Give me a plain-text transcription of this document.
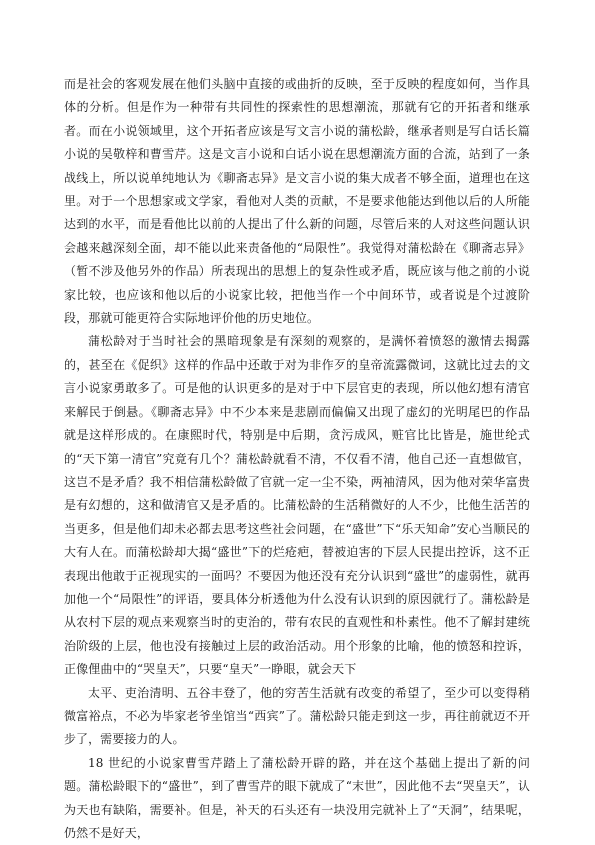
而是社会的客观发展在他们头脑中直接的或曲折的反映，至于反映的程度如何，当作具体的分析。但是作为一种带有共同性的探索性的思想潮流，那就有它的开拓者和继承者。而在小说领域里，这个开拓者应该是写文言小说的蒲松龄，继承者则是写白话长篇小说的吴敬梓和曹雪芹。这是文言小说和白话小说在思想潮流方面的合流，站到了一条战线上，所以说单纯地认为《聊斋志异》是文言小说的集大成者不够全面，道理也在这里。对于一个思想家或文学家，看他对人类的贡献，不是要求他能达到他以后的人所能达到的水平，而是看他比以前的人提出了什么新的问题，尽管后来的人对这些问题认识会越来越深刻全面，却不能以此来责备他的“局限性”。我觉得对蒲松龄在《聊斋志异》（暂不涉及他另外的作品）所表现出的思想上的复杂性或矛盾，既应该与他之前的小说家比较，也应该和他以后的小说家比较，把他当作一个中间环节，或者说是个过渡阶段，那就可能更符合实际地评价他的历史地位。

蒲松龄对于当时社会的黑暗现象是有深刻的观察的，是满怀着愤怒的激情去揭露的，甚至在《促织》这样的作品中还敢于对为非作歹的皇帝流露微词，这就比过去的文言小说家勇敢多了。可是他的认识更多的是对于中下层官吏的表现，所以他幻想有清官来解民于倒悬。《聊斋志异》中不少本来是悲剧而偏偏又出现了虚幻的光明尾巴的作品就是这样形成的。在康熙时代，特别是中后期，贪污成风，赃官比比皆是，施世纶式的“天下第一清官”究竟有几个？蒲松龄就看不清，不仅看不清，他自己还一直想做官，这岂不是矛盾？我不相信蒲松龄做了官就一定一尘不染，两袖清风，因为他对荣华富贵是有幻想的，这和做清官又是矛盾的。比蒲松龄的生活稍微好的人不少，比他生活苦的当更多，但是他们却未必都去思考这些社会问题，在“盛世”下“乐天知命”安心当顺民的大有人在。而蒲松龄却大揭“盛世”下的烂疮疤，替被迫害的下层人民提出控诉，这不正表现出他敢于正视现实的一面吗？不要因为他还没有充分认识到“盛世”的虚弱性，就再加他一个“局限性”的评语，要具体分析透他为什么没有认识到的原因就行了。蒲松龄是从农村下层的观点来观察当时的吏治的，带有农民的直观性和朴素性。他不了解封建统治阶级的上层，他也没有接触过上层的政治活动。用个形象的比喻，他的愤怒和控诉，正像俚曲中的“哭皇天”，只要“皇天”一睁眼，就会天下

太平、吏治清明、五谷丰登了，他的穷苦生活就有改变的希望了，至少可以变得稍微富裕点，不必为毕家老爷坐馆当“西宾”了。蒲松龄只能走到这一步，再往前就迈不开步了，需要接力的人。

18 世纪的小说家曹雪芹踏上了蒲松龄开辟的路，并在这个基础上提出了新的问题。蒲松龄眼下的“盛世”，到了曹雪芹的眼下就成了“末世”，因此他不去“哭皇天”，认为天也有缺陷，需要补。但是，补天的石头还有一块没用完就补上了“天洞”，结果呢，仍然不是好天，
